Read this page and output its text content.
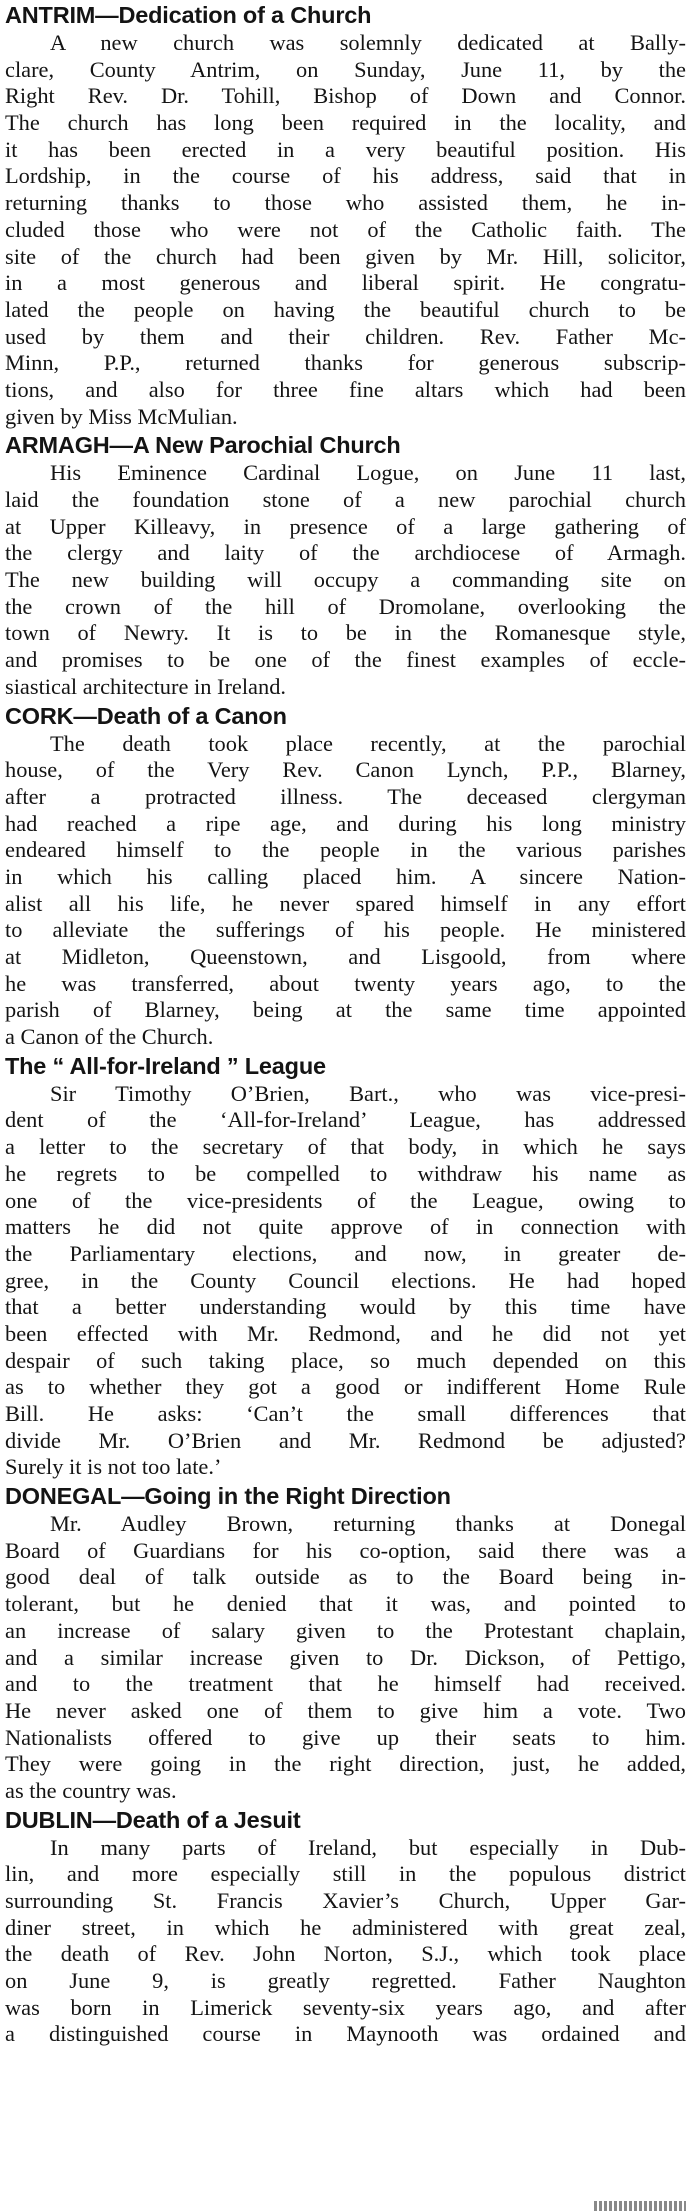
ANTRIM—Dedication of a Church
A new church was solemnly dedicated at Bally-
clare, County Antrim, on Sunday, June 11, by the
Right Rev. Dr. Tohill, Bishop of Down and Connor.
The church has long been required in the locality, and
it has been erected in a very beautiful position. His
Lordship, in the course of his address, said that in
returning thanks to those who assisted them, he in-
cluded those who were not of the Catholic faith. The
site of the church had been given by Mr. Hill, solicitor,
in a most generous and liberal spirit. He congratu-
lated the people on having the beautiful church to be
used by them and their children. Rev. Father Mc-
Minn, P.P., returned thanks for generous subscrip-
tions, and also for three fine altars which had been
given by Miss McMulian.
ARMAGH—A New Parochial Church
His Eminence Cardinal Logue, on June 11 last,
laid the foundation stone of a new parochial church
at Upper Killeavy, in presence of a large gathering of
the clergy and laity of the archdiocese of Armagh.
The new building will occupy a commanding site on
the crown of the hill of Dromolane, overlooking the
town of Newry. It is to be in the Romanesque style,
and promises to be one of the finest examples of eccle-
siastical architecture in Ireland.
CORK—Death of a Canon
The death took place recently, at the parochial
house, of the Very Rev. Canon Lynch, P.P., Blarney,
after a protracted illness. The deceased clergyman
had reached a ripe age, and during his long ministry
endeared himself to the people in the various parishes
in which his calling placed him. A sincere Nation-
alist all his life, he never spared himself in any effort
to alleviate the sufferings of his people. He ministered
at Midleton, Queenstown, and Lisgoold, from where
he was transferred, about twenty years ago, to the
parish of Blarney, being at the same time appointed
a Canon of the Church.
The “ All-for-Ireland ” League
Sir Timothy O’Brien, Bart., who was vice-presi-
dent of the ‘All-for-Ireland’ League, has addressed
a letter to the secretary of that body, in which he says
he regrets to be compelled to withdraw his name as
one of the vice-presidents of the League, owing to
matters he did not quite approve of in connection with
the Parliamentary elections, and now, in greater de-
gree, in the County Council elections. He had hoped
that a better understanding would by this time have
been effected with Mr. Redmond, and he did not yet
despair of such taking place, so much depended on this
as to whether they got a good or indifferent Home Rule
Bill. He asks: ‘Can’t the small differences that
divide Mr. O’Brien and Mr. Redmond be adjusted?
Surely it is not too late.’
DONEGAL—Going in the Right Direction
Mr. Audley Brown, returning thanks at Donegal
Board of Guardians for his co-option, said there was a
good deal of talk outside as to the Board being in-
tolerant, but he denied that it was, and pointed to
an increase of salary given to the Protestant chaplain,
and a similar increase given to Dr. Dickson, of Pettigo,
and to the treatment that he himself had received.
He never asked one of them to give him a vote. Two
Nationalists offered to give up their seats to him.
They were going in the right direction, just, he added,
as the country was.
DUBLIN—Death of a Jesuit
In many parts of Ireland, but especially in Dub-
lin, and more especially still in the populous district
surrounding St. Francis Xavier’s Church, Upper Gar-
diner street, in which he administered with great zeal,
the death of Rev. John Norton, S.J., which took place
on June 9, is greatly regretted. Father Naughton
was born in Limerick seventy-six years ago, and after
a distinguished course in Maynooth was ordained and
